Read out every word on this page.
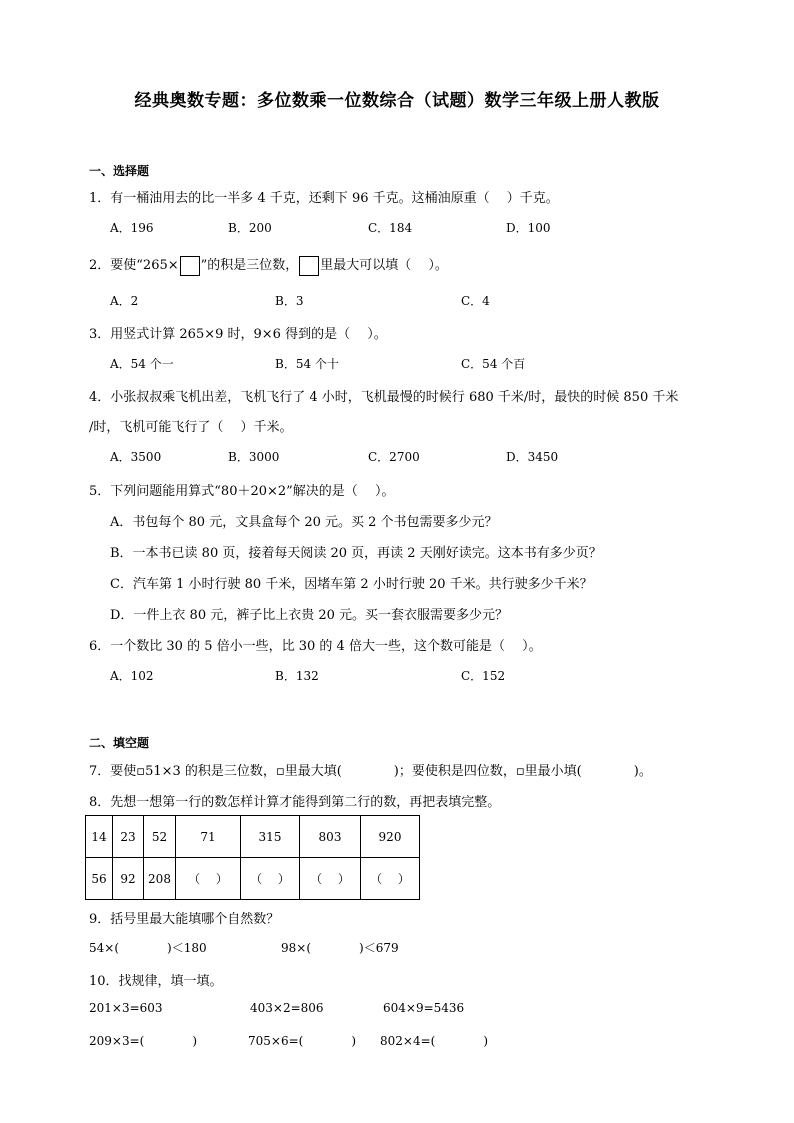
经典奥数专题：多位数乘一位数综合（试题）数学三年级上册人教版
一、选择题
1．有一桶油用去的比一半多 4 千克，还剩下 96 千克。这桶油原重（　 ）千克。
A．196	B．200	C．184	D．100
2．要使“265× ”的积是三位数， 里最大可以填（　 ）。
A．2	B．3	C．4
3．用竖式计算 265×9 时，9×6 得到的是（　 ）。
A．54 个一	B．54 个十	C．54 个百
4．小张叔叔乘飞机出差，飞机飞行了 4 小时，飞机最慢的时候行 680 千米/时，最快的时候 850 千米
/时，飞机可能飞行了（　 ）千米。
A．3500	B．3000	C．2700	D．3450
5．下列问题能用算式“80＋20×2”解决的是（　 ）。
A．书包每个 80 元，文具盒每个 20 元。买 2 个书包需要多少元？
B．一本书已读 80 页，接着每天阅读 20 页，再读 2 天刚好读完。这本书有多少页？
C．汽车第 1 小时行驶 80 千米，因堵车第 2 小时行驶 20 千米。共行驶多少千米？
D．一件上衣 80 元，裤子比上衣贵 20 元。买一套衣服需要多少元？
6．一个数比 30 的 5 倍小一些，比 30 的 4 倍大一些，这个数可能是（　 ）。
A．102	B．132	C．152
二、填空题
7．要使▫51×3 的积是三位数，▫里最大填(　　　　)；要使积是四位数，▫里最小填(　　　　)。
8．先想一想第一行的数怎样计算才能得到第二行的数，再把表填完整。
14	23	52	71	315	803	920
56	92	208	（　 ）	（　 ）	（　 ）	（　 ）
9．括号里最大能填哪个自然数？
54×(　　　　)＜180	98×(　　　　)＜679
10．找规律，填一填。
201×3=603	403×2=806	604×9=5436
209×3=(　　　　)	705×6=(　　　　) 802×4=(　　　　)
